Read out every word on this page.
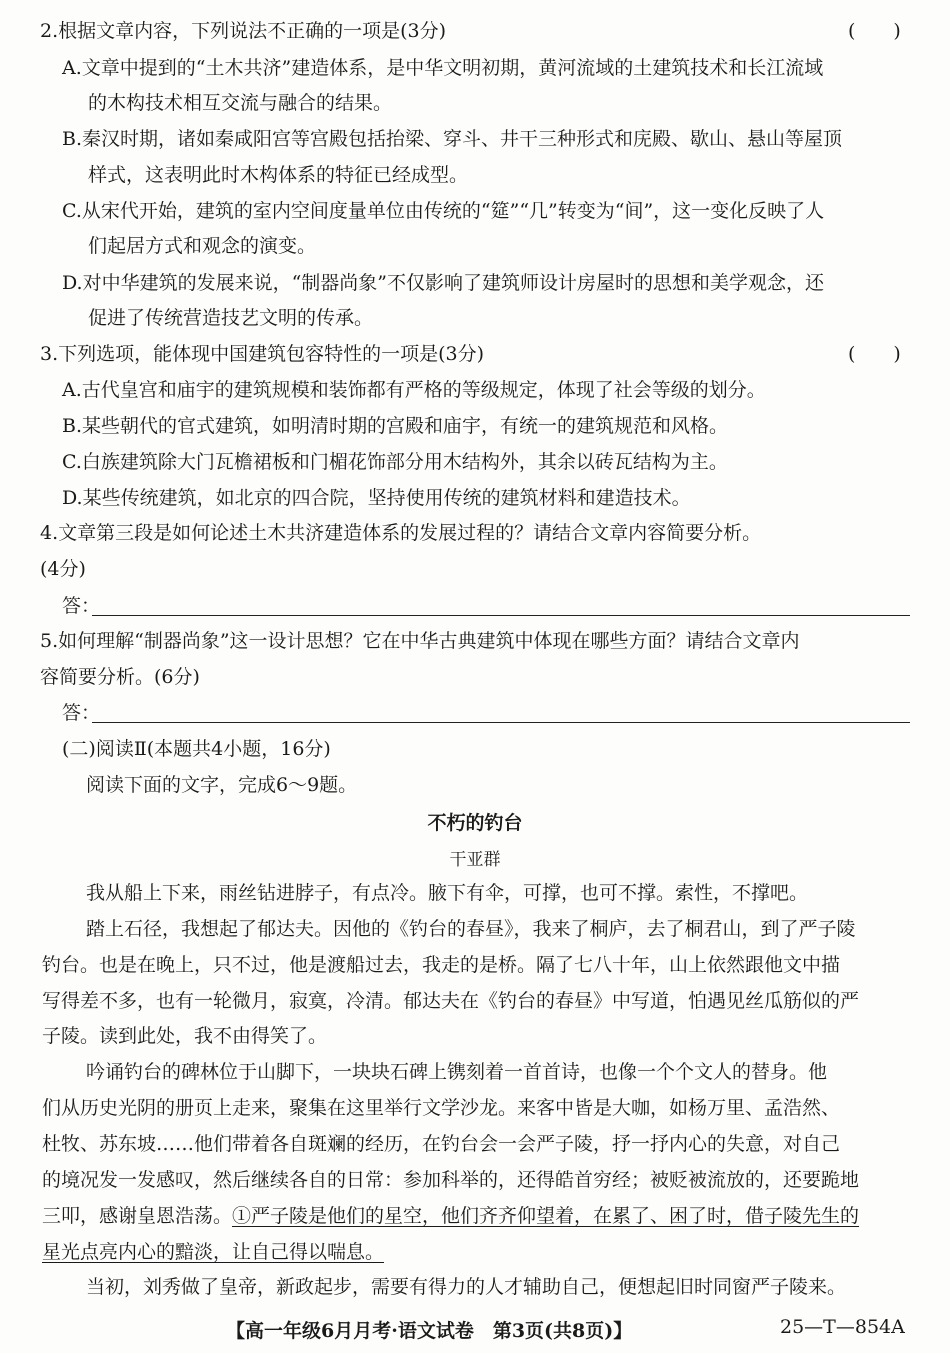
2.根据文章内容，下列说法不正确的一项是(3分)	(　　)
A.文章中提到的“土木共济”建造体系，是中华文明初期，黄河流域的土建筑技术和长江流域
的木构技术相互交流与融合的结果。
B.秦汉时期，诸如秦咸阳宫等宫殿包括抬梁、穿斗、井干三种形式和庑殿、歇山、悬山等屋顶
样式，这表明此时木构体系的特征已经成型。
C.从宋代开始，建筑的室内空间度量单位由传统的“筵”“几”转变为“间”，这一变化反映了人
们起居方式和观念的演变。
D.对中华建筑的发展来说，“制器尚象”不仅影响了建筑师设计房屋时的思想和美学观念，还
促进了传统营造技艺文明的传承。
3.下列选项，能体现中国建筑包容特性的一项是(3分)	(　　)
A.古代皇宫和庙宇的建筑规模和装饰都有严格的等级规定，体现了社会等级的划分。
B.某些朝代的官式建筑，如明清时期的宫殿和庙宇，有统一的建筑规范和风格。
C.白族建筑除大门瓦檐裙板和门楣花饰部分用木结构外，其余以砖瓦结构为主。
D.某些传统建筑，如北京的四合院，坚持使用传统的建筑材料和建造技术。
4.文章第三段是如何论述土木共济建造体系的发展过程的？请结合文章内容简要分析。
(4分)
答：
5.如何理解“制器尚象”这一设计思想？它在中华古典建筑中体现在哪些方面？请结合文章内
容简要分析。(6分)
答：
(二)阅读Ⅱ(本题共4小题，16分)
阅读下面的文字，完成6～9题。
不朽的钓台
干亚群
我从船上下来，雨丝钻进脖子，有点冷。腋下有伞，可撑，也可不撑。索性，不撑吧。
踏上石径，我想起了郁达夫。因他的《钓台的春昼》，我来了桐庐，去了桐君山，到了严子陵
钓台。也是在晚上，只不过，他是渡船过去，我走的是桥。隔了七八十年，山上依然跟他文中描
写得差不多，也有一轮微月，寂寞，冷清。郁达夫在《钓台的春昼》中写道，怕遇见丝瓜筋似的严
子陵。读到此处，我不由得笑了。
吟诵钓台的碑林位于山脚下，一块块石碑上镌刻着一首首诗，也像一个个文人的替身。他
们从历史光阴的册页上走来，聚集在这里举行文学沙龙。来客中皆是大咖，如杨万里、孟浩然、
杜牧、苏东坡……他们带着各自斑斓的经历，在钓台会一会严子陵，抒一抒内心的失意，对自己
的境况发一发感叹，然后继续各自的日常：参加科举的，还得皓首穷经；被贬被流放的，还要跪地
三叩，感谢皇恩浩荡。①严子陵是他们的星空，他们齐齐仰望着，在累了、困了时，借子陵先生的
星光点亮内心的黯淡，让自己得以喘息。
当初，刘秀做了皇帝，新政起步，需要有得力的人才辅助自己，便想起旧时同窗严子陵来。
【高一年级6月月考·语文试卷　第3页(共8页)】	25—T—854A
